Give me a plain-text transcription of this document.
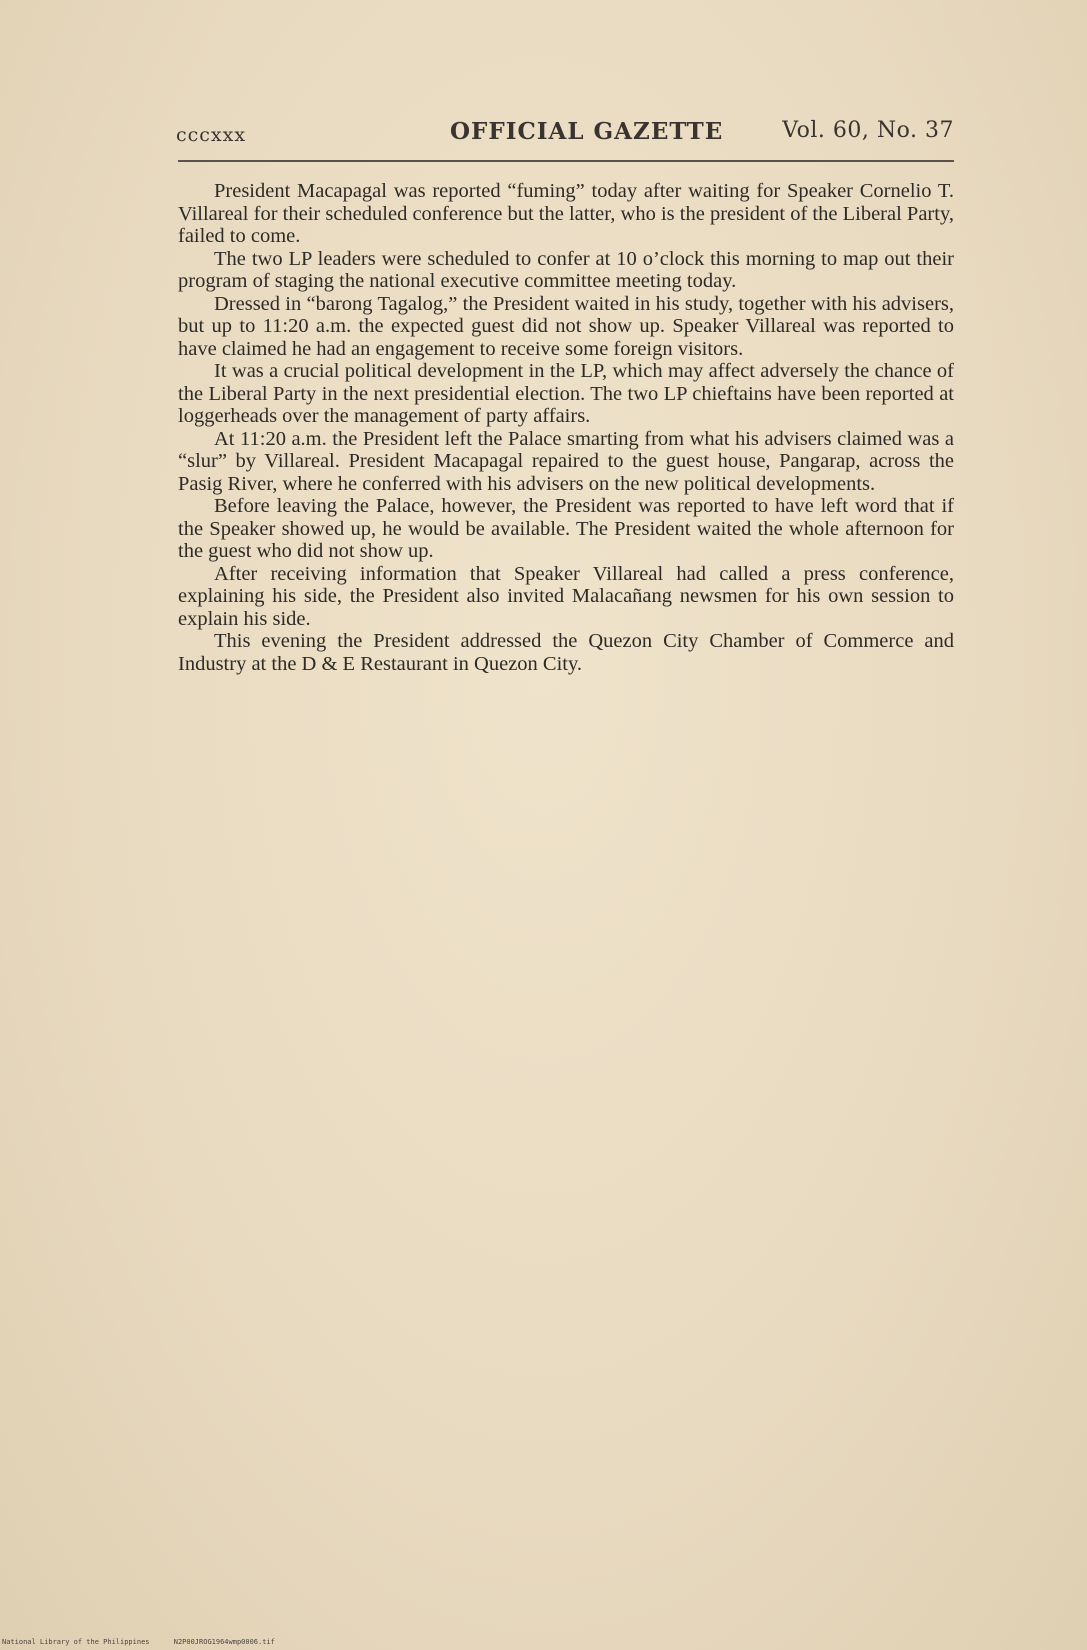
cccxxx	OFFICIAL GAZETTE	Vol. 60, No. 37

President Macapagal was reported “fuming” today after waiting for Speaker Cornelio T. Villareal for their scheduled conference but the latter, who is the president of the Liberal Party, failed to come.

The two LP leaders were scheduled to confer at 10 o’clock this morning to map out their program of staging the national executive committee meeting today.

Dressed in “barong Tagalog,” the President waited in his study, together with his advisers, but up to 11:20 a.m. the expected guest did not show up. Speaker Villareal was reported to have claimed he had an engagement to receive some foreign visitors.

It was a crucial political development in the LP, which may affect adversely the chance of the Liberal Party in the next presidential election. The two LP chieftains have been reported at loggerheads over the management of party affairs.

At 11:20 a.m. the President left the Palace smarting from what his advisers claimed was a “slur” by Villareal. President Macapagal repaired to the guest house, Pangarap, across the Pasig River, where he conferred with his advisers on the new political developments.

Before leaving the Palace, however, the President was reported to have left word that if the Speaker showed up, he would be available. The President waited the whole afternoon for the guest who did not show up.

After receiving information that Speaker Villareal had called a press conference, explaining his side, the President also invited Malacañang newsmen for his own session to explain his side.

This evening the President addressed the Quezon City Chamber of Commerce and Industry at the D & E Restaurant in Quezon City.

National Library of the Philippines	N2P00JROG1964wmp0006.tif
